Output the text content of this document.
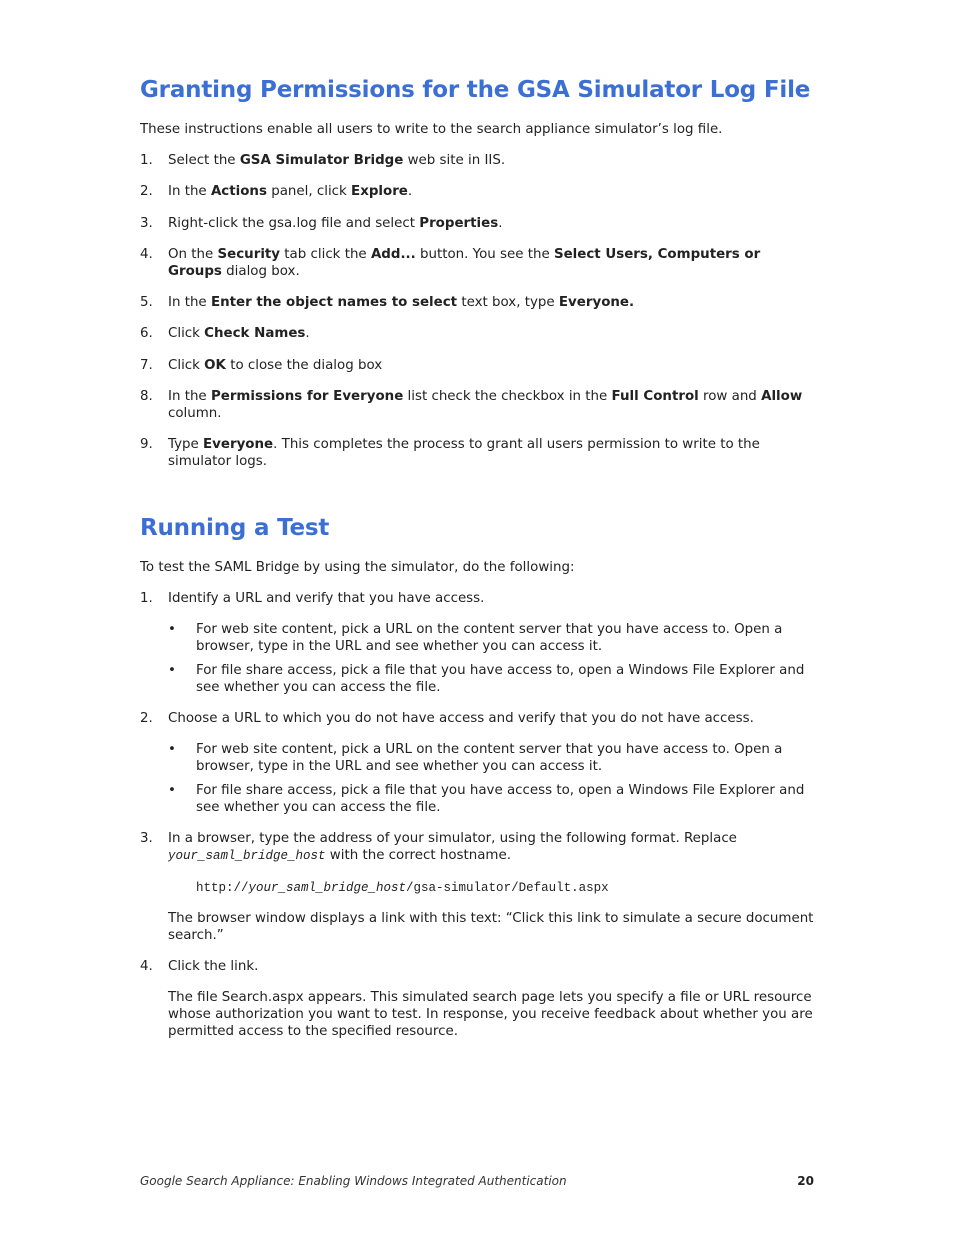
Granting Permissions for the GSA Simulator Log File

These instructions enable all users to write to the search appliance simulator’s log file.

1.	Select the GSA Simulator Bridge web site in IIS.
2.	In the Actions panel, click Explore.
3.	Right-click the gsa.log file and select Properties.
4.	On the Security tab click the Add... button. You see the Select Users, Computers or Groups dialog box.
5.	In the Enter the object names to select text box, type Everyone.
6.	Click Check Names.
7.	Click OK to close the dialog box
8.	In the Permissions for Everyone list check the checkbox in the Full Control row and Allow column.
9.	Type Everyone. This completes the process to grant all users permission to write to the simulator logs.
Running a Test

To test the SAML Bridge by using the simulator, do the following:

1.	Identify a URL and verify that you have access.
•	For web site content, pick a URL on the content server that you have access to. Open a browser, type in the URL and see whether you can access it.
•	For file share access, pick a file that you have access to, open a Windows File Explorer and see whether you can access the file.
2.	Choose a URL to which you do not have access and verify that you do not have access.
•	For web site content, pick a URL on the content server that you have access to. Open a browser, type in the URL and see whether you can access it.
•	For file share access, pick a file that you have access to, open a Windows File Explorer and see whether you can access the file.
3.	In a browser, type the address of your simulator, using the following format. Replace
your_saml_bridge_host with the correct hostname.
http://your_saml_bridge_host/gsa-simulator/Default.aspx

The browser window displays a link with this text: “Click this link to simulate a secure document search.”

4.	Click the link.

The file Search.aspx appears. This simulated search page lets you specify a file or URL resource whose authorization you want to test. In response, you receive feedback about whether you are permitted access to the specified resource.

Google Search Appliance: Enabling Windows Integrated Authentication	20
